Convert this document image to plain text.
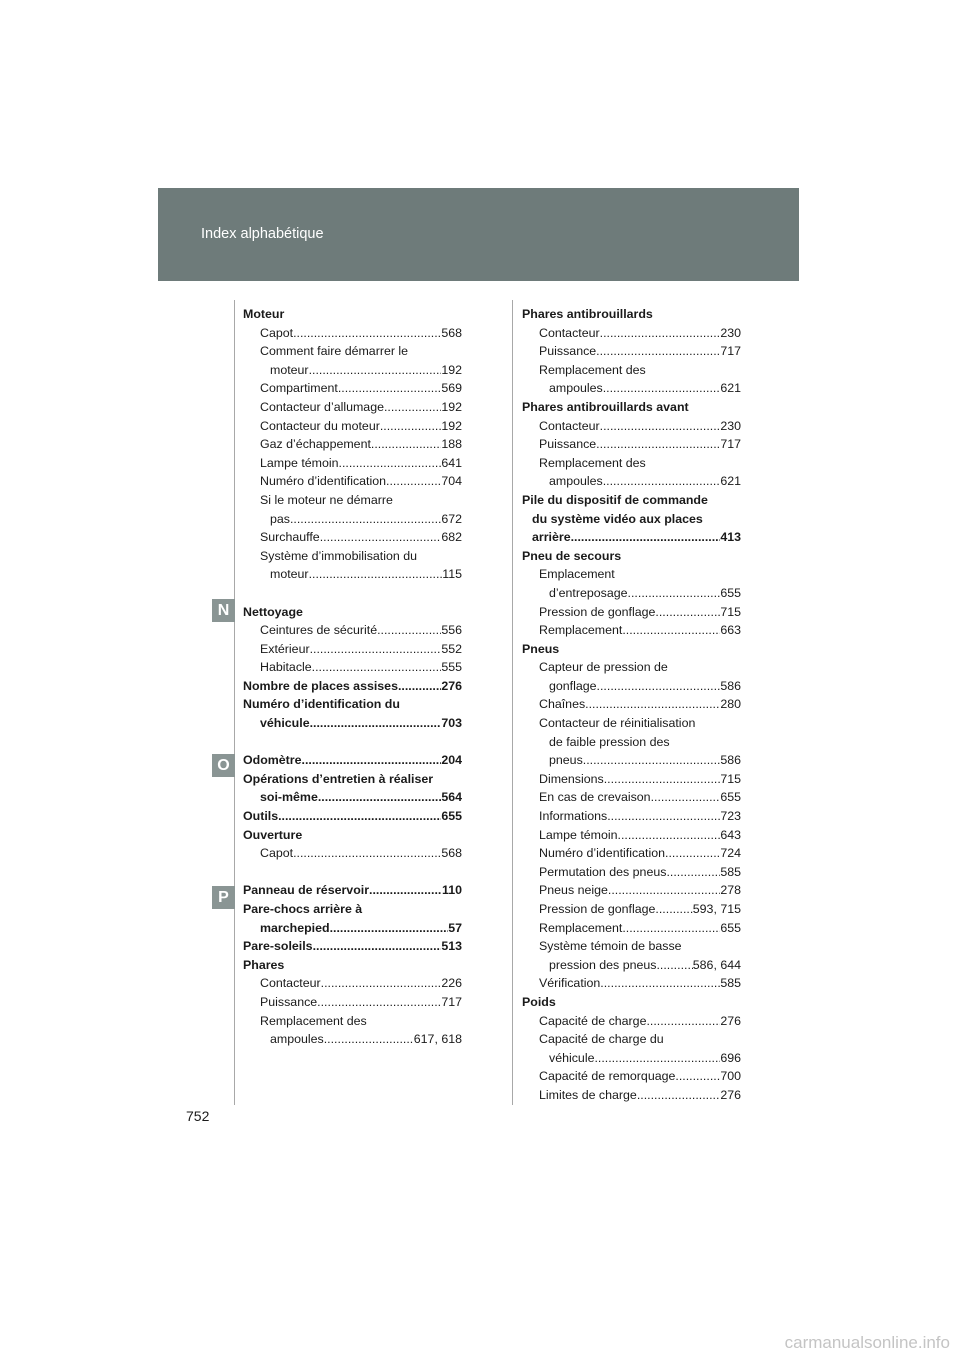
Index alphabétique
N
O
P
Moteur
Capot .....	568
Comment faire démarrer le
moteur .....	192
Compartiment .....	569
Contacteur d’allumage .....	192
Contacteur du moteur .....	192
Gaz d’échappement .....	188
Lampe témoin .....	641
Numéro d’identification .....	704
Si le moteur ne démarre
pas .....	672
Surchauffe .....	682
Système d’immobilisation du
moteur .....	115
Nettoyage
Ceintures de sécurité .....	556
Extérieur .....	552
Habitacle .....	555
Nombre de places assises .....	276
Numéro d’identification du
véhicule .....	703
Odomètre .....	204
Opérations d’entretien à réaliser
soi-même .....	564
Outils .....	655
Ouverture
Capot .....	568
Panneau de réservoir .....	110
Pare-chocs arrière à
marchepied .....	57
Pare-soleils .....	513
Phares
Contacteur .....	226
Puissance .....	717
Remplacement des
ampoules .....	617, 618
Phares antibrouillards
Contacteur .....	230
Puissance .....	717
Remplacement des
ampoules .....	621
Phares antibrouillards avant
Contacteur .....	230
Puissance .....	717
Remplacement des
ampoules .....	621
Pile du dispositif de commande
du système vidéo aux places
arrière .....	413
Pneu de secours
Emplacement
d’entreposage .....	655
Pression de gonflage .....	715
Remplacement .....	663
Pneus
Capteur de pression de
gonflage .....	586
Chaînes .....	280
Contacteur de réinitialisation
de faible pression des
pneus .....	586
Dimensions .....	715
En cas de crevaison .....	655
Informations .....	723
Lampe témoin .....	643
Numéro d’identification .....	724
Permutation des pneus .....	585
Pneus neige .....	278
Pression de gonflage .....	593, 715
Remplacement .....	655
Système témoin de basse
pression des pneus .....	586, 644
Vérification .....	585
Poids
Capacité de charge .....	276
Capacité de charge du
véhicule .....	696
Capacité de remorquage .....	700
Limites de charge .....	276
752
carmanualsonline.info
